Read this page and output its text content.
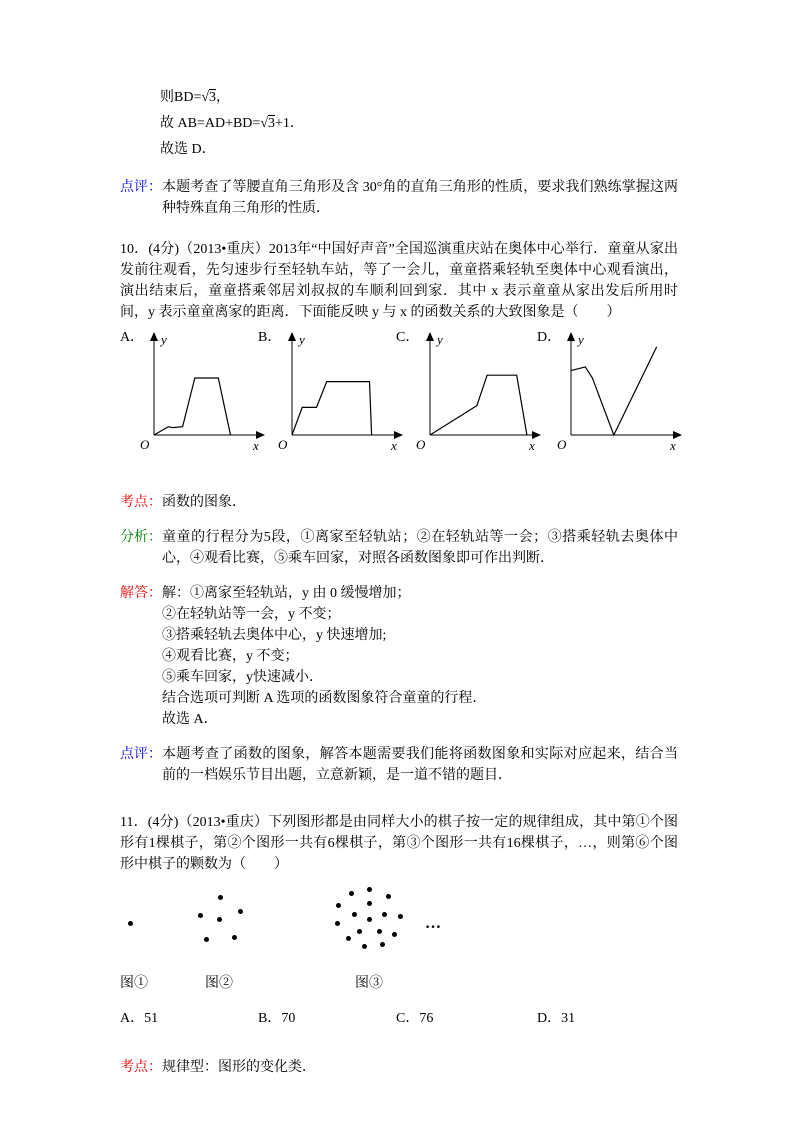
则BD=√3，
故 AB=AD+BD=√3+1．
故选 D．
点评： 本题考查了等腰直角三角形及含 30°角的直角三角形的性质，要求我们熟练掌握这两种特殊直角三角形的性质．
10．(4分)（2013•重庆）2013年“中国好声音”全国巡演重庆站在奥体中心举行．童童从家出发前往观看，先匀速步行至轻轨车站，等了一会儿，童童搭乘轻轨至奥体中心观看演出，演出结束后，童童搭乘邻居刘叔叔的车顺利回到家．其中 x 表示童童从家出发后所用时间，y 表示童童离家的距离．下面能反映 y 与 x 的函数关系的大致图象是（　　）
A． y
x
O
B． y
x
O
C． y
x
O
D． y
x
O
考点： 函数的图象．
分析： 童童的行程分为5段，①离家至轻轨站；②在轻轨站等一会；③搭乘轻轨去奥体中心，④观看比赛，⑤乘车回家，对照各函数图象即可作出判断．
解答： 解：①离家至轻轨站，y 由 0 缓慢增加；
②在轻轨站等一会，y 不变；
③搭乘轻轨去奥体中心，y 快速增加;
④观看比赛，y 不变；
⑤乘车回家，y快速减小．
结合选项可判断 A 选项的函数图象符合童童的行程．
故选 A．
点评： 本题考查了函数的图象，解答本题需要我们能将函数图象和实际对应起来，结合当前的一档娱乐节目出题，立意新颖，是一道不错的题目．
11．(4分)（2013•重庆）下列图形都是由同样大小的棋子按一定的规律组成，其中第①个图形有1棵棋子，第②个图形一共有6棵棋子，第③个图形一共有16棵棋子，…，则第⑥个图形中棋子的颗数为（　　）
…
图①	图②	图③
A．51	B．70	C．76	D．31
考点： 规律型：图形的变化类．
